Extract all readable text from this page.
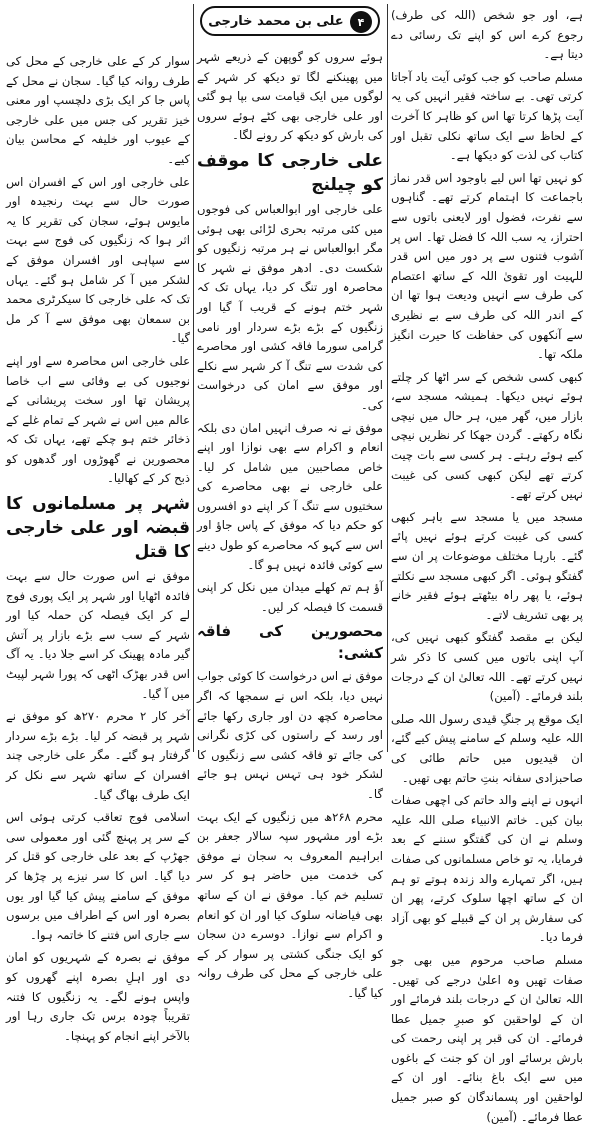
علی بن محمد خارجی	۴	ہے، اور جو شخص (اللہ کی طرف) رجوع کرے اس کو اپنے تک رسائی دے دیتا ہے۔

مسلم صاحب کو جب کوئی آیت یاد آجاتا کرتی تھی۔ بے ساختہ فقیر انہیں کی یہ آیت پڑھا کرتا تھا اس کو ظاہر کا آخرت کے لحاظ سے ایک ساتھ نکلی تقبل اور کتاب کی لذت کو دیکھا ہے۔

کو نہیں تھا اس لیے باوجود اس قدر نماز باجماعت کا اہتمام کرتے تھے۔ گناہوں سے نفرت، فضول اور لایعنی باتوں سے احتراز، یہ سب اللہ کا فضل تھا۔ اس پر آشوب فتنوں سے پر دور میں اس قدر للہیت اور تقویٰ اللہ کے ساتھ اعتصام کی طرف سے انہیں ودیعت ہوا تھا ان کے اندر اللہ کی طرف سے بے نظیری سے آنکھوں کی حفاظت کا حیرت انگیز ملکہ تھا۔

کبھی کسی شخص کے سر اٹھا کر چلتے ہوئے نہیں دیکھا۔ ہمیشہ مسجد سے، بازار میں، گھر میں، ہر حال میں نیچی نگاہ رکھتے۔ گردن جھکا کر نظریں نیچی کیے ہوئے رہتے۔ ہر کسی سے بات چیت کرتے تھے لیکن کبھی کسی کی غیبت نہیں کرتے تھے۔

مسجد میں یا مسجد سے باہر کبھی کسی کی غیبت کرتے ہوئے نہیں پائے گئے۔ بارہا مختلف موضوعات پر ان سے گفتگو ہوئی۔ اگر کبھی مسجد سے نکلتے ہوئے، یا پھر راہ بیٹھتے ہوئے فقیر خانے پر بھی تشریف لاتے۔

لیکن بے مقصد گفتگو کبھی نہیں کی، آپ اپنی باتوں میں کسی کا ذکر شر نہیں کرتے تھے۔ اللہ تعالیٰ ان کے درجات بلند فرمائے۔ (آمین)

ایک موقع پر جنگِ قیدی رسول اللہ صلی اللہ علیہ وسلم کے سامنے پیش کیے گئے، ان قیدیوں میں حاتم طائی کی صاحبزادی سفانہ بنتِ حاتم بھی تھیں۔

انہوں نے اپنے والد حاتم کی اچھی صفات بیان کیں۔ خاتم الانبیاء صلی اللہ علیہ وسلم نے ان کی گفتگو سننے کے بعد فرمایا، یہ تو خاص مسلمانوں کی صفات ہیں، اگر تمہارے والد زندہ ہوتے تو ہم ان کے ساتھ اچھا سلوک کرتے، پھر ان کی سفارش پر ان کے قبیلے کو بھی آزاد فرما دیا۔

مسلم صاحب مرحوم میں بھی جو صفات تھیں وہ اعلیٰ درجے کی تھیں۔ اللہ تعالیٰ ان کے درجات بلند فرمائے اور ان کے لواحقین کو صبرِ جمیل عطا فرمائے۔ ان کی قبر پر اپنی رحمت کی بارش برسائے اور ان کو جنت کے باغوں میں سے ایک باغ بنائے۔ اور ان کے لواحقین اور پسماندگان کو صبر جمیل عطا فرمائے۔ (آمین)

ہوئے سروں کو گوپھن کے ذریعے شہر میں پھینکنے لگا تو دیکھ کر شہر کے لوگوں میں ایک قیامت سی بپا ہو گئی اور علی خارجی بھی کٹے ہوئے سروں کی بارش کو دیکھ کر رونے لگا۔

علی خارجی کا موقف کو چیلنج

علی خارجی اور ابوالعباس کی فوجوں میں کئی مرتبہ بحری لڑائی بھی ہوئی مگر ابوالعباس نے ہر مرتبہ زنگیوں کو شکست دی۔ ادھر موفق نے شہر کا محاصرہ اور تنگ کر دیا، یہاں تک کہ شہر ختم ہونے کے قریب آ گیا اور زنگیوں کے بڑے بڑے سردار اور نامی گرامی سورما فاقہ کشی اور محاصرے کی شدت سے تنگ آ کر شہر سے نکلے اور موفق سے امان کی درخواست کی۔

موفق نے نہ صرف انہیں امان دی بلکہ انعام و اکرام سے بھی نوازا اور اپنے خاص مصاحبین میں شامل کر لیا۔ علی خارجی نے بھی محاصرے کی سختیوں سے تنگ آ کر اپنے دو افسروں کو حکم دیا کہ موفق کے پاس جاؤ اور اس سے کہو کہ محاصرے کو طول دینے سے کوئی فائدہ نہیں ہو گا۔

آؤ ہم تم کھلے میدان میں نکل کر اپنی قسمت کا فیصلہ کر لیں۔

محصورین کی فاقہ کشی:

موفق نے اس درخواست کا کوئی جواب نہیں دیا، بلکہ اس نے سمجھا کہ اگر محاصرہ کچھ دن اور جاری رکھا جائے اور رسد کے راستوں کی کڑی نگرانی کی جائے تو فاقہ کشی سے زنگیوں کا لشکر خود ہی تہس نہس ہو جائے گا۔

محرم ۲۶۸ھ میں زنگیوں کے ایک بہت بڑے اور مشہور سپہ سالار جعفر بن ابراہیم المعروف بہ سجان نے موفق کی خدمت میں حاضر ہو کر سر تسلیم خم کیا۔ موفق نے ان کے ساتھ بھی فیاضانہ سلوک کیا اور ان کو انعام و اکرام سے نوازا۔ دوسرے دن سجان کو ایک جنگی کشتی پر سوار کر کے علی خارجی کے محل کی طرف روانہ کیا گیا۔

سوار کر کے علی خارجی کے محل کی طرف روانہ کیا گیا۔ سجان نے محل کے پاس جا کر ایک بڑی دلچسپ اور معنی خیز تقریر کی جس میں علی خارجی کے عیوب اور خلیفہ کے محاسن بیان کیے۔

علی خارجی اور اس کے افسران اس صورت حال سے بہت رنجیدہ اور مایوس ہوئے، سجان کی تقریر کا یہ اثر ہوا کہ زنگیوں کی فوج سے بہت سے سپاہی اور افسران موفق کے لشکر میں آ کر شامل ہو گئے۔ یہاں تک کہ علی خارجی کا سیکرٹری محمد بن سمعان بھی موفق سے آ کر مل گیا۔

علی خارجی اس محاصرہ سے اور اپنے نوجیوں کی بے وفائی سے اب خاصا پریشان تھا اور سخت پریشانی کے عالم میں اس نے شہر کے تمام غلے کے ذخائر ختم ہو چکے تھے، یہاں تک کہ محصورین نے گھوڑوں اور گدھوں کو ذبح کر کے کھالیا۔

شہر پر مسلمانوں کا قبضہ اور علی خارجی کا قتل

موفق نے اس صورت حال سے بہت فائدہ اٹھایا اور شہر پر ایک پوری فوج لے کر ایک فیصلہ کن حملہ کیا اور شہر کے سب سے بڑے بازار پر آتش گیر مادہ پھینک کر اسے جلا دیا۔ یہ آگ اس قدر بھڑک اٹھی کہ پورا شہر لپیٹ میں آ گیا۔

آخر کار ۲ محرم ۲۷۰ھ کو موفق نے شہر پر قبضہ کر لیا۔ بڑے بڑے سردار گرفتار ہو گئے۔ مگر علی خارجی چند افسران کے ساتھ شہر سے نکل کر ایک طرف بھاگ گیا۔

اسلامی فوج تعاقب کرتی ہوئی اس کے سر پر پہنچ گئی اور معمولی سی جھڑپ کے بعد علی خارجی کو قتل کر دیا گیا۔ اس کا سر نیزے پر چڑھا کر موفق کے سامنے پیش کیا گیا اور یوں بصرہ اور اس کے اطراف میں برسوں سے جاری اس فتنے کا خاتمہ ہوا۔

موفق نے بصرہ کے شہریوں کو امان دی اور اہلِ بصرہ اپنے گھروں کو واپس ہونے لگے۔ یہ زنگیوں کا فتنہ تقریباً چودہ برس تک جاری رہا اور بالآخر اپنے انجام کو پہنچا۔
